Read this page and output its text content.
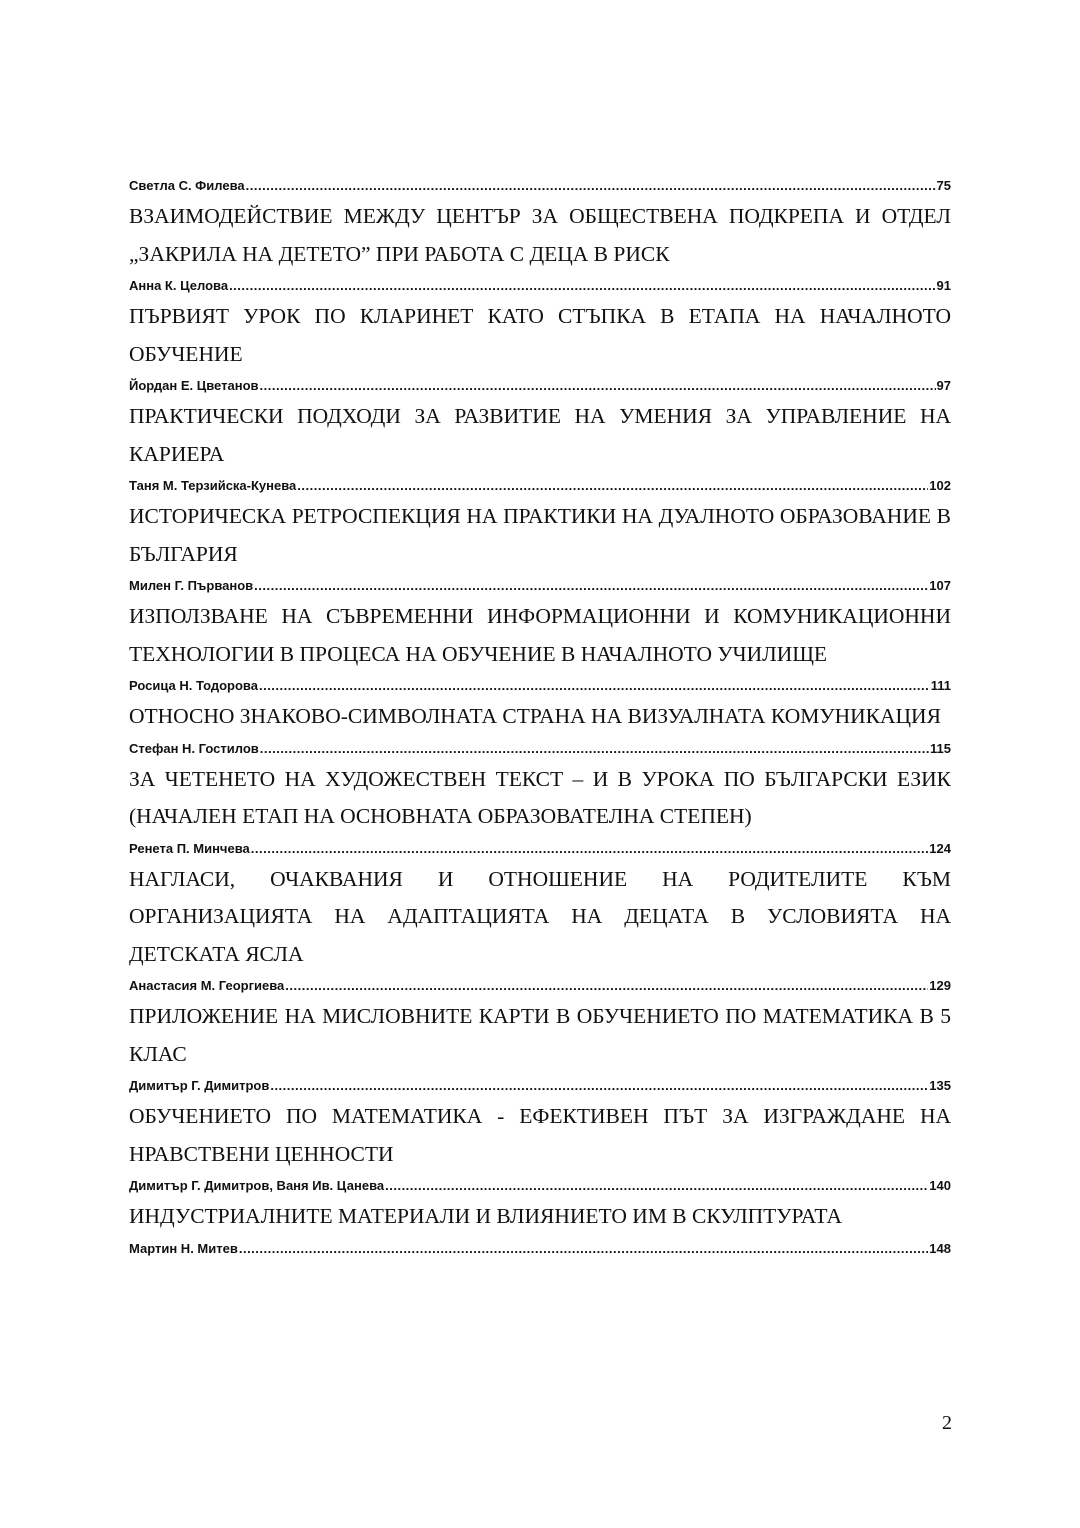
Светла С. Филева .....	75
ВЗАИМОДЕЙСТВИЕ МЕЖДУ ЦЕНТЪР ЗА ОБЩЕСТВЕНА ПОДКРЕПА И ОТДЕЛ „ЗАКРИЛА НА ДЕТЕТО” ПРИ РАБОТА С ДЕЦА В РИСК
Анна К. Целова .....	91
ПЪРВИЯТ УРОК ПО КЛАРИНЕТ КАТО СТЪПКА В ЕТАПА НА НАЧАЛНОТО ОБУЧЕНИЕ
Йордан Е. Цветанов .....	97
ПРАКТИЧЕСКИ ПОДХОДИ ЗА РАЗВИТИЕ НА УМЕНИЯ ЗА УПРАВЛЕНИЕ НА КАРИЕРА
Таня М. Терзийска-Кунева .....	102
ИСТОРИЧЕСКА РЕТРОСПЕКЦИЯ НА ПРАКТИКИ НА ДУАЛНОТО ОБРАЗОВАНИЕ В БЪЛГАРИЯ
Милен Г. Първанов .....	107
ИЗПОЛЗВАНЕ НА СЪВРЕМЕННИ ИНФОРМАЦИОННИ И КОМУНИКАЦИОННИ ТЕХНОЛОГИИ В ПРОЦЕСА НА ОБУЧЕНИЕ В НАЧАЛНОТО УЧИЛИЩЕ
Росица Н. Тодорова .....	111
ОТНОСНО ЗНАКОВО-СИМВОЛНАТА СТРАНА НА ВИЗУАЛНАТА КОМУНИКАЦИЯ
Стефан Н. Гостилов .....	115
ЗА ЧЕТЕНЕТО НА ХУДОЖЕСТВЕН ТЕКСТ – И В УРОКА ПО БЪЛГАРСКИ ЕЗИК (НАЧАЛЕН ЕТАП НА ОСНОВНАТА ОБРАЗОВАТЕЛНА СТЕПЕН)
Ренета П. Минчева .....	124
НАГЛАСИ, ОЧАКВАНИЯ И ОТНОШЕНИЕ НА РОДИТЕЛИТЕ КЪМ ОРГАНИЗАЦИЯТА НА АДАПТАЦИЯТА НА ДЕЦАТА В УСЛОВИЯТА НА ДЕТСКАТА ЯСЛА
Анастасия М. Георгиева .....	129
ПРИЛОЖЕНИЕ НА МИСЛОВНИТЕ КАРТИ В ОБУЧЕНИЕТО ПО МАТЕМАТИКА В 5 КЛАС
Димитър Г. Димитров .....	135
ОБУЧЕНИЕТО ПО МАТЕМАТИКА - ЕФЕКТИВЕН ПЪТ ЗА ИЗГРАЖДАНЕ НА НРАВСТВЕНИ ЦЕННОСТИ
Димитър Г. Димитров, Ваня Ив. Цанева .....	140
ИНДУСТРИАЛНИТЕ МАТЕРИАЛИ И ВЛИЯНИЕТО ИМ В СКУЛПТУРАТА
Мартин Н. Митев .....	148
2
